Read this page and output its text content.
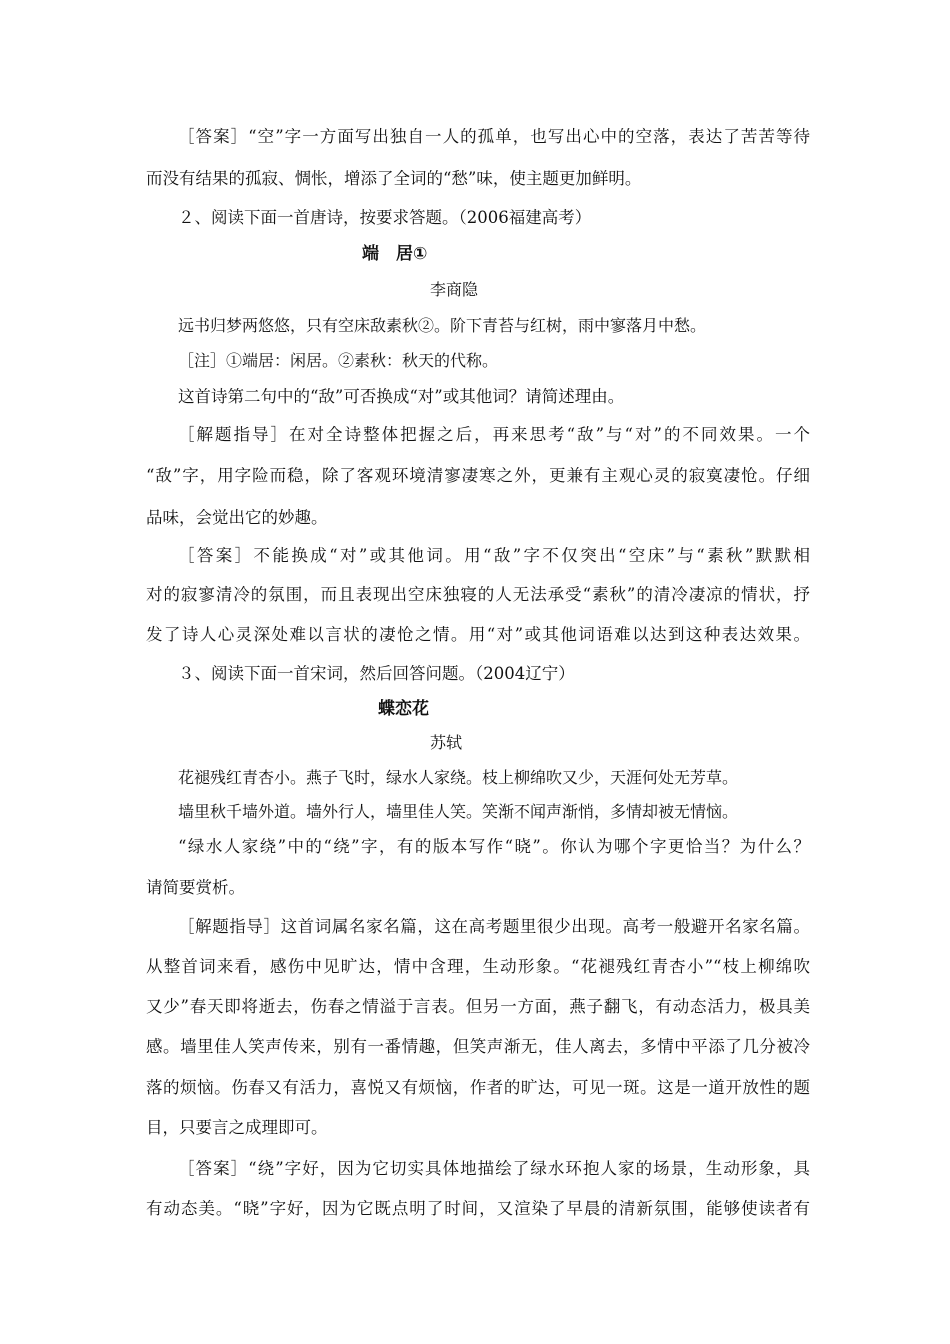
［答案］“空”字一方面写出独自一人的孤单，也写出心中的空落，表达了苦苦等待
而没有结果的孤寂、惆怅，增添了全词的“愁”味，使主题更加鲜明。
２、阅读下面一首唐诗，按要求答题。（2006福建高考）
端　居①
李商隐
远书归梦两悠悠，只有空床敌素秋②。阶下青苔与红树，雨中寥落月中愁。
［注］①端居：闲居。②素秋：秋天的代称。
这首诗第二句中的“敌”可否换成“对”或其他词？请简述理由。
［解题指导］在对全诗整体把握之后，再来思考“敌”与“对”的不同效果。一个
“敌”字，用字险而稳，除了客观环境清寥凄寒之外，更兼有主观心灵的寂寞凄怆。仔细
品味，会觉出它的妙趣。
［答案］不能换成“对”或其他词。用“敌”字不仅突出“空床”与“素秋”默默相
对的寂寥清冷的氛围，而且表现出空床独寝的人无法承受“素秋”的清冷凄凉的情状，抒
发了诗人心灵深处难以言状的凄怆之情。用“对”或其他词语难以达到这种表达效果。
３、阅读下面一首宋词，然后回答问题。（2004辽宁）
蝶恋花
苏轼
花褪残红青杏小。燕子飞时，绿水人家绕。枝上柳绵吹又少，天涯何处无芳草。
墙里秋千墙外道。墙外行人，墙里佳人笑。笑渐不闻声渐悄，多情却被无情恼。
“绿水人家绕”中的“绕”字，有的版本写作“晓”。你认为哪个字更恰当？为什么？
请简要赏析。
［解题指导］这首词属名家名篇，这在高考题里很少出现。高考一般避开名家名篇。
从整首词来看，感伤中见旷达，情中含理，生动形象。“花褪残红青杏小”“枝上柳绵吹
又少”春天即将逝去，伤春之情溢于言表。但另一方面，燕子翻飞，有动态活力，极具美
感。墙里佳人笑声传来，别有一番情趣，但笑声渐无，佳人离去，多情中平添了几分被冷
落的烦恼。伤春又有活力，喜悦又有烦恼，作者的旷达，可见一斑。这是一道开放性的题
目，只要言之成理即可。
［答案］“绕”字好，因为它切实具体地描绘了绿水环抱人家的场景，生动形象，具
有动态美。“晓”字好，因为它既点明了时间，又渲染了早晨的清新氛围，能够使读者有
